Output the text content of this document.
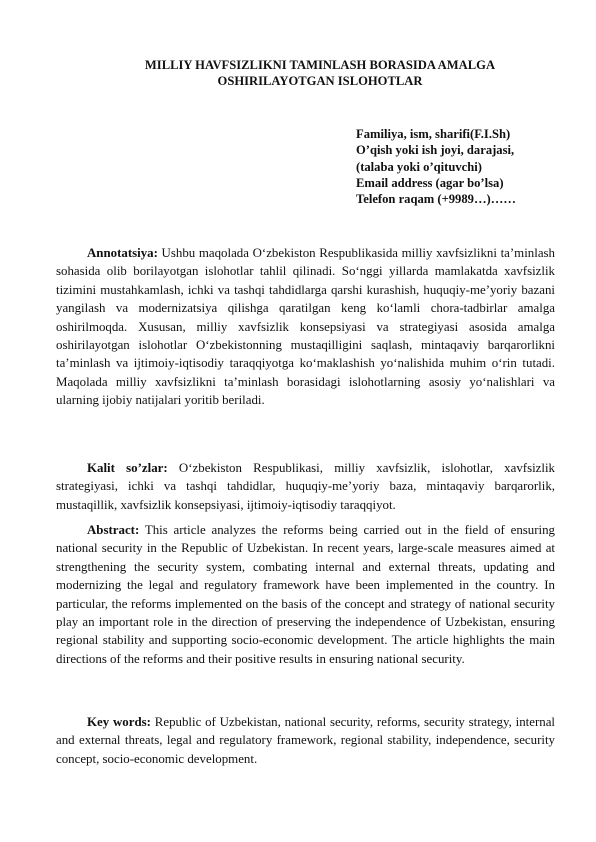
MILLIY HAVFSIZLIKNI TAMINLASH BORASIDA AMALGA
OSHIRILAYOTGAN ISLOHOTLAR
Familiya, ism, sharifi(F.I.Sh)
O’qish yoki ish joyi, darajasi,
(talaba yoki o’qituvchi)
Email address (agar bo’lsa)
Telefon raqam (+9989…)……

Annotatsiya: Ushbu maqolada O‘zbekiston Respublikasida milliy xavfsizlikni ta’minlash sohasida olib borilayotgan islohotlar tahlil qilinadi. So‘nggi yillarda mamlakatda xavfsizlik tizimini mustahkamlash, ichki va tashqi tahdidlarga qarshi kurashish, huquqiy-me’yoriy bazani yangilash va modernizatsiya qilishga qaratilgan keng ko‘lamli chora-tadbirlar amalga oshirilmoqda. Xususan, milliy xavfsizlik konsepsiyasi va strategiyasi asosida amalga oshirilayotgan islohotlar O‘zbekistonning mustaqilligini saqlash, mintaqaviy barqarorlikni ta’minlash va ijtimoiy-iqtisodiy taraqqiyotga ko‘maklashish yo‘nalishida muhim o‘rin tutadi. Maqolada milliy xavfsizlikni ta’minlash borasidagi islohotlarning asosiy yo‘nalishlari va ularning ijobiy natijalari yoritib beriladi.

Kalit so’zlar: O‘zbekiston Respublikasi, milliy xavfsizlik, islohotlar, xavfsizlik strategiyasi, ichki va tashqi tahdidlar, huquqiy-me’yoriy baza, mintaqaviy barqarorlik, mustaqillik, xavfsizlik konsepsiyasi, ijtimoiy-iqtisodiy taraqqiyot.

Abstract: This article analyzes the reforms being carried out in the field of ensuring national security in the Republic of Uzbekistan. In recent years, large-scale measures aimed at strengthening the security system, combating internal and external threats, updating and modernizing the legal and regulatory framework have been implemented in the country. In particular, the reforms implemented on the basis of the concept and strategy of national security play an important role in the direction of preserving the independence of Uzbekistan, ensuring regional stability and supporting socio-economic development. The article highlights the main directions of the reforms and their positive results in ensuring national security.

Key words: Republic of Uzbekistan, national security, reforms, security strategy, internal and external threats, legal and regulatory framework, regional stability, independence, security concept, socio-economic development.
